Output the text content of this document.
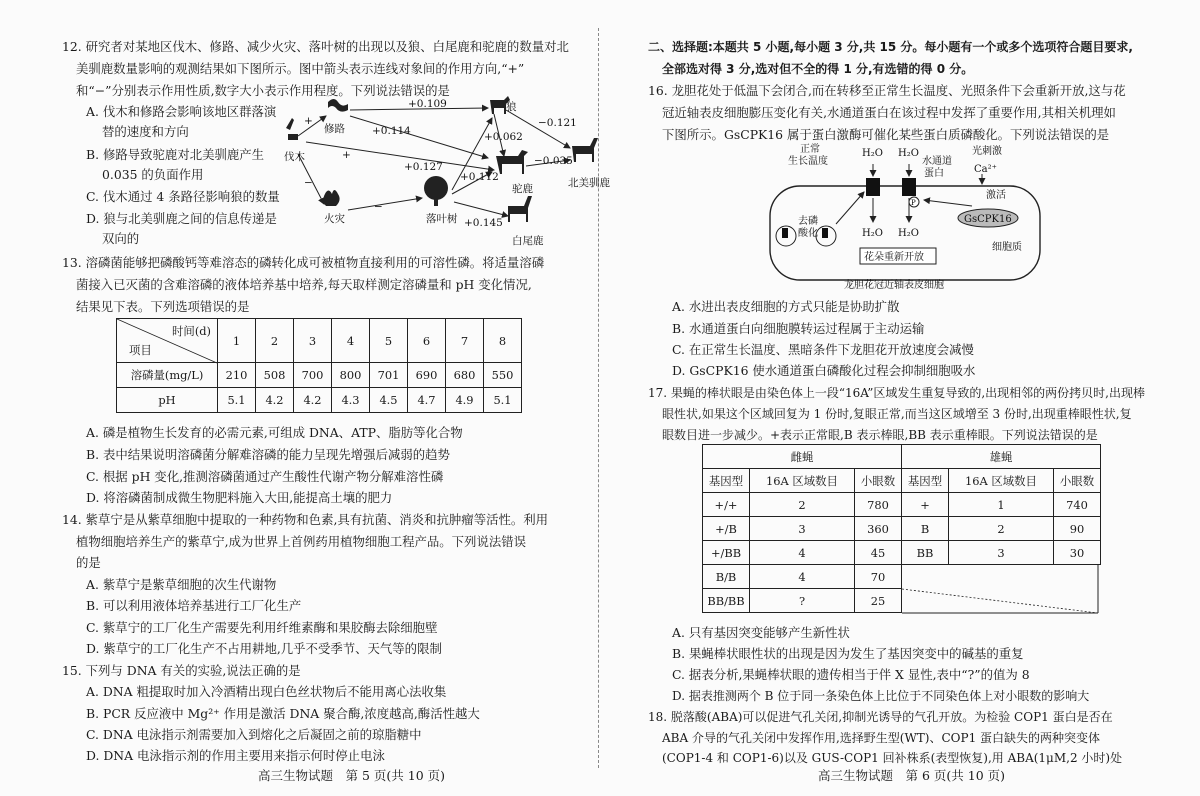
12. 研究者对某地区伐木、修路、减少火灾、落叶树的出现以及狼、白尾鹿和驼鹿的数量对北
美驯鹿数量影响的观测结果如下图所示。图中箭头表示连线对象间的作用方向,“+”
和“−”分别表示作用性质,数字大小表示作用程度。下列说法错误的是
A. 伐木和修路会影响该地区群落演
替的速度和方向
B. 修路导致驼鹿对北美驯鹿产生
0.035 的负面作用
C. 伐木通过 4 条路径影响狼的数量
D. 狼与北美驯鹿之间的信息传递是
双向的
伐木
修路
火灾	落叶树
狼
驼鹿	北美驯鹿
白尾鹿
+0.109
+0.114
−0.121
+0.062
−0.035
+0.127
+0.112
+0.145
+
−
+
−
13. 溶磷菌能够把磷酸钙等难溶态的磷转化成可被植物直接利用的可溶性磷。将适量溶磷
菌接入已灭菌的含难溶磷的液体培养基中培养,每天取样测定溶磷量和 pH 变化情况,
结果见下表。下列选项错误的是
时间(d)
项目	1	2	3	4	5	6	7	8
溶磷量(mg/L)	210	508	700	800	701	690	680	550
pH	5.1	4.2	4.2	4.3	4.5	4.7	4.9	5.1
A. 磷是植物生长发育的必需元素,可组成 DNA、ATP、脂肪等化合物
B. 表中结果说明溶磷菌分解难溶磷的能力呈现先增强后减弱的趋势
C. 根据 pH 变化,推测溶磷菌通过产生酸性代谢产物分解难溶性磷
D. 将溶磷菌制成微生物肥料施入大田,能提高土壤的肥力
14. 紫草宁是从紫草细胞中提取的一种药物和色素,具有抗菌、消炎和抗肿瘤等活性。利用
植物细胞培养生产的紫草宁,成为世界上首例药用植物细胞工程产品。下列说法错误
的是
A. 紫草宁是紫草细胞的次生代谢物
B. 可以利用液体培养基进行工厂化生产
C. 紫草宁的工厂化生产需要先利用纤维素酶和果胶酶去除细胞壁
D. 紫草宁的工厂化生产不占用耕地,几乎不受季节、天气等的限制
15. 下列与 DNA 有关的实验,说法正确的是
A. DNA 粗提取时加入冷酒精出现白色丝状物后不能用离心法收集
B. PCR 反应液中 Mg²⁺ 作用是激活 DNA 聚合酶,浓度越高,酶活性越大
C. DNA 电泳指示剂需要加入到熔化之后凝固之前的琼脂糖中
D. DNA 电泳指示剂的作用主要用来指示何时停止电泳
高三生物试题　第 5 页(共 10 页)
二、选择题:本题共 5 小题,每小题 3 分,共 15 分。每小题有一个或多个选项符合题目要求,
全部选对得 3 分,选对但不全的得 1 分,有选错的得 0 分。
16. 龙胆花处于低温下会闭合,而在转移至正常生长温度、光照条件下会重新开放,这与花
冠近轴表皮细胞膨压变化有关,水通道蛋白在该过程中发挥了重要作用,其相关机理如
下图所示。GsCPK16 属于蛋白激酶可催化某些蛋白质磷酸化。下列说法错误的是
P
正常
生长温度
H₂O H₂O
水通道
蛋白
光刺激
Ca²⁺
激活
去磷
酸化	H₂O H₂O
GsCPK16
花朵重新开放
细胞质
龙胆花冠近轴表皮细胞
A. 水进出表皮细胞的方式只能是协助扩散
B. 水通道蛋白向细胞膜转运过程属于主动运输
C. 在正常生长温度、黑暗条件下龙胆花开放速度会减慢
D. GsCPK16 使水通道蛋白磷酸化过程会抑制细胞吸水
17. 果蝇的棒状眼是由染色体上一段“16A”区域发生重复导致的,出现相邻的两份拷贝时,出现棒
眼性状,如果这个区域回复为 1 份时,复眼正常,而当这区域增至 3 份时,出现重棒眼性状,复
眼数目进一步减少。+表示正常眼,B 表示棒眼,BB 表示重棒眼。下列说法错误的是
雌蝇			雄蝇		
基因型	16A 区域数目	小眼数	基因型	16A 区域数目	小眼数
+/+	2	780	+	1	740
+/B	3	360	B	2	90
+/BB	4	45	BB	3	30
B/B	4	70	

BB/BB	?	25			
A. 只有基因突变能够产生新性状
B. 果蝇棒状眼性状的出现是因为发生了基因突变中的碱基的重复
C. 据表分析,果蝇棒状眼的遗传相当于伴 X 显性,表中“?”的值为 8
D. 据表推测两个 B 位于同一条染色体上比位于不同染色体上对小眼数的影响大
18. 脱落酸(ABA)可以促进气孔关闭,抑制光诱导的气孔开放。为检验 COP1 蛋白是否在
ABA 介导的气孔关闭中发挥作用,选择野生型(WT)、COP1 蛋白缺失的两种突变体
(COP1-4 和 COP1-6)以及 GUS-COP1 回补株系(表型恢复),用 ABA(1μM,2 小时)处
高三生物试题　第 6 页(共 10 页)
